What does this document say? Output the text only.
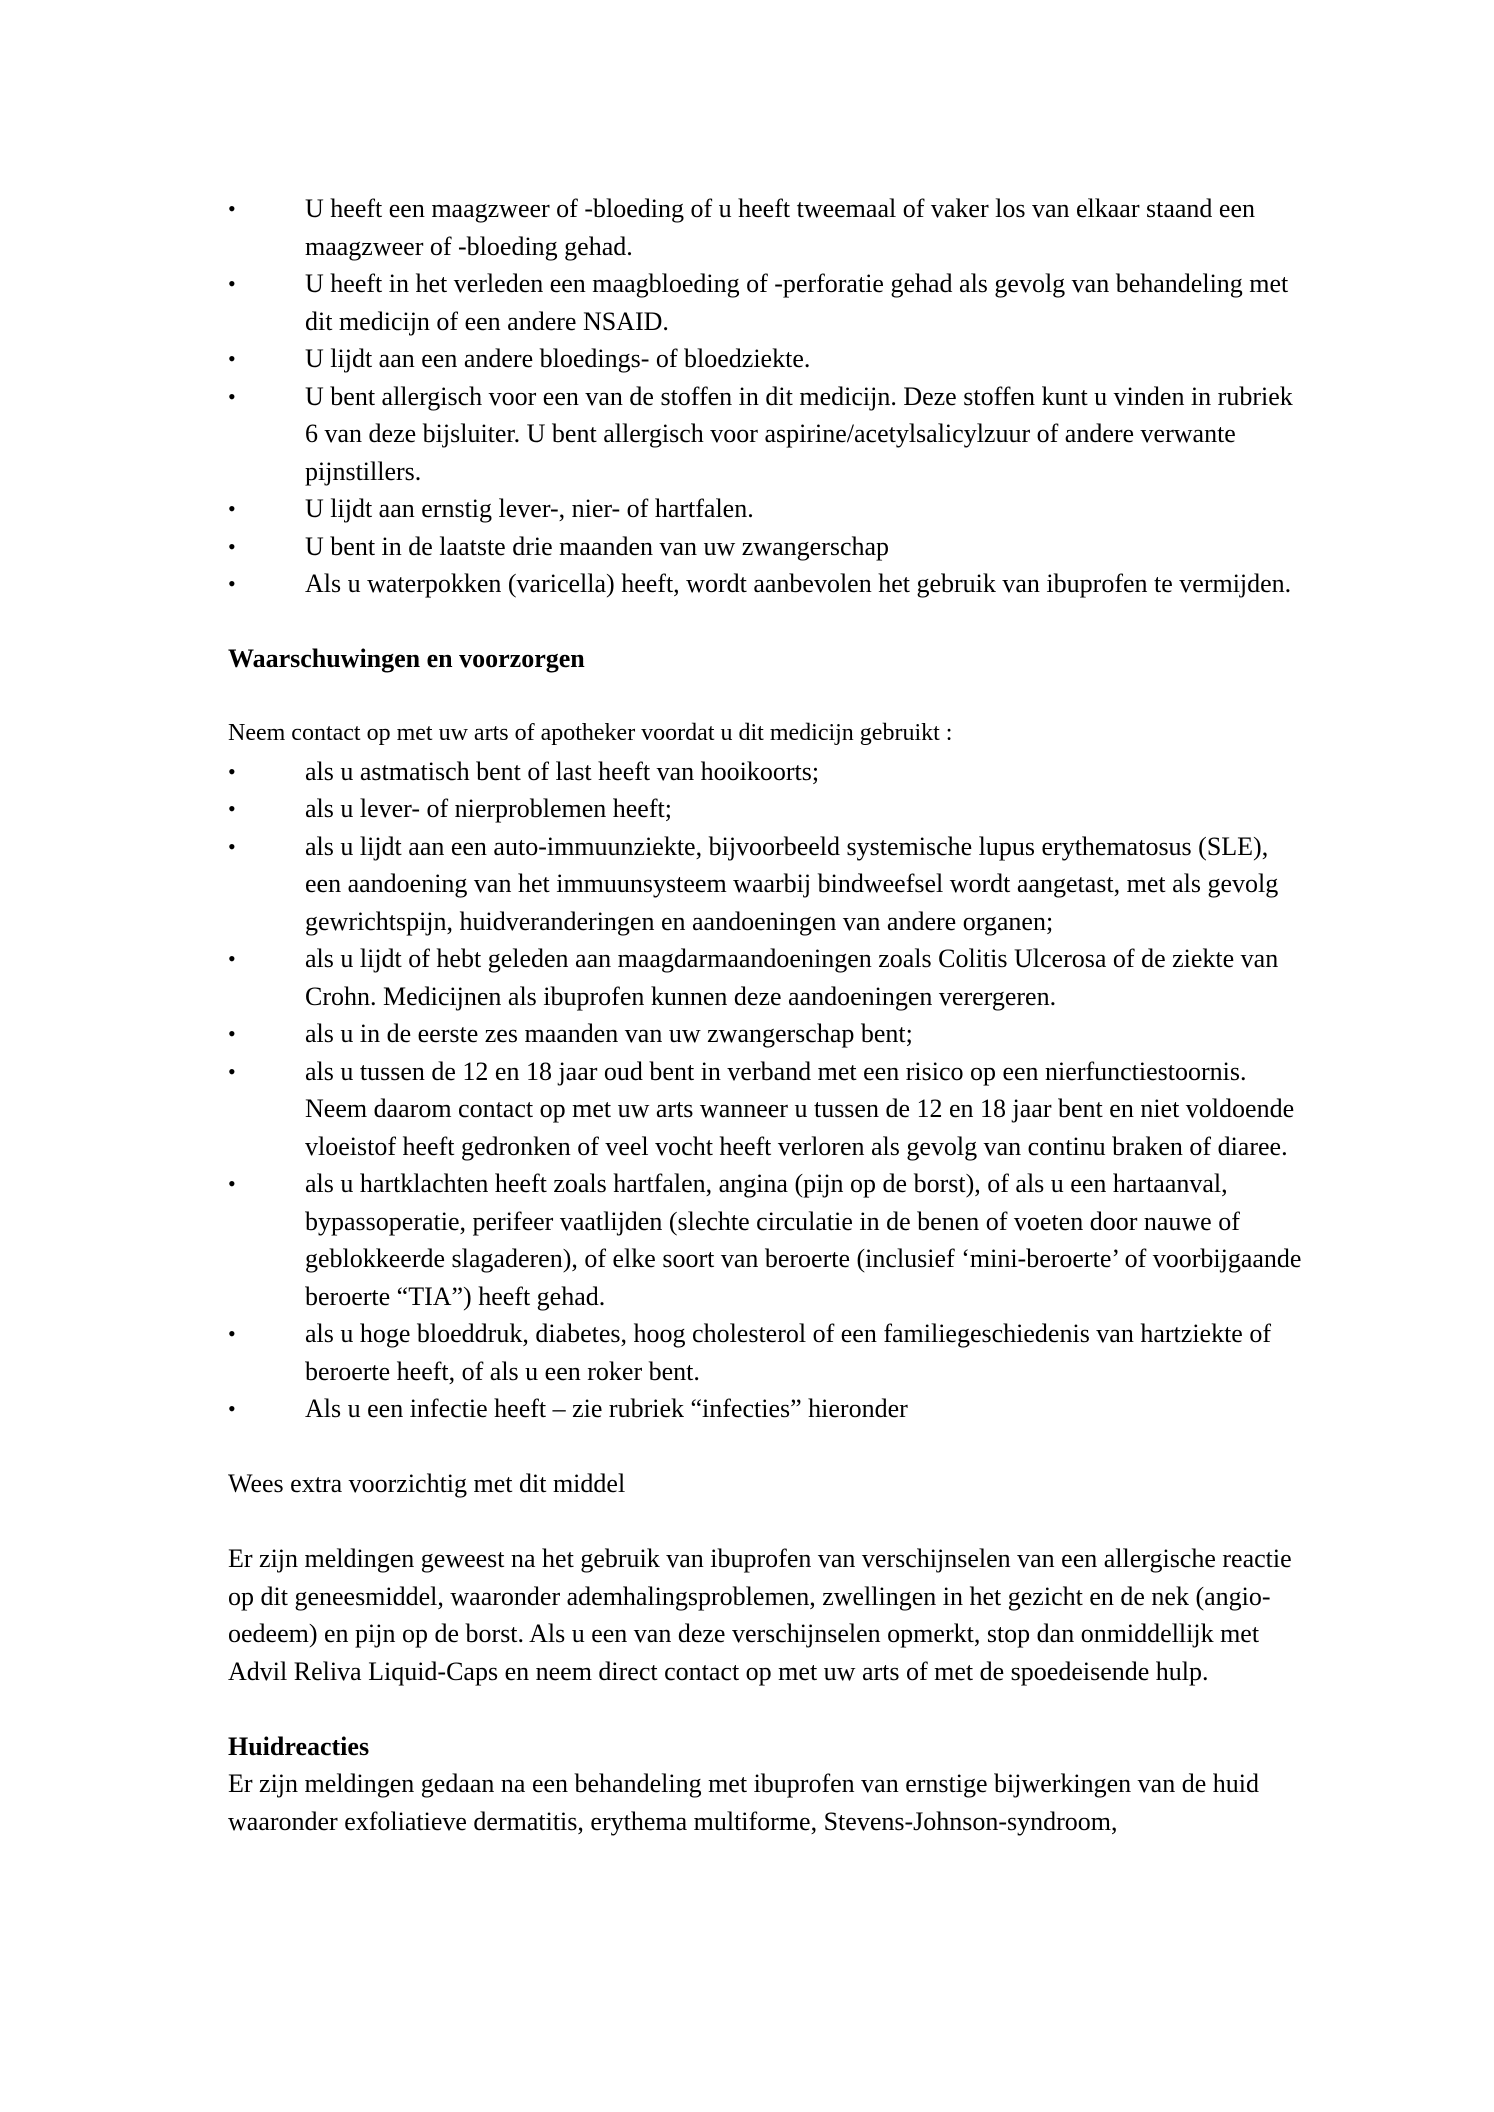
•	U heeft een maagzweer of -bloeding of u heeft tweemaal of vaker los van elkaar staand een maagzweer of -bloeding gehad.
•	U heeft in het verleden een maagbloeding of -perforatie gehad als gevolg van behandeling met dit medicijn of een andere NSAID.
•	U lijdt aan een andere bloedings- of bloedziekte.
•	U bent allergisch voor een van de stoffen in dit medicijn. Deze stoffen kunt u vinden in rubriek 6 van deze bijsluiter. U bent allergisch voor aspirine/acetylsalicylzuur of andere verwante pijnstillers.
•	U lijdt aan ernstig lever-, nier- of hartfalen.
•	U bent in de laatste drie maanden van uw zwangerschap
•	Als u waterpokken (varicella) heeft, wordt aanbevolen het gebruik van ibuprofen te vermijden.
Waarschuwingen en voorzorgen

Neem contact op met uw arts of apotheker voordat u dit medicijn gebruikt :

•	als u astmatisch bent of last heeft van hooikoorts;
•	als u lever- of nierproblemen heeft;
•	als u lijdt aan een auto-immuunziekte, bijvoorbeeld systemische lupus erythematosus (SLE), een aandoening van het immuunsysteem waarbij bindweefsel wordt aangetast, met als gevolg gewrichtspijn, huidveranderingen en aandoeningen van andere organen;
•	als u lijdt of hebt geleden aan maagdarmaandoeningen zoals Colitis Ulcerosa of de ziekte van Crohn. Medicijnen als ibuprofen kunnen deze aandoeningen verergeren.
•	als u in de eerste zes maanden van uw zwangerschap bent;
•	als u tussen de 12 en 18 jaar oud bent in verband met een risico op een nierfunctiestoornis. Neem daarom contact op met uw arts wanneer u tussen de 12 en 18 jaar bent en niet voldoende vloeistof heeft gedronken of veel vocht heeft verloren als gevolg van continu braken of diaree.
•	als u hartklachten heeft zoals hartfalen, angina (pijn op de borst), of als u een hartaanval, bypassoperatie, perifeer vaatlijden (slechte circulatie in de benen of voeten door nauwe of geblokkeerde slagaderen), of elke soort van beroerte (inclusief ‘mini-beroerte’ of voorbijgaande beroerte “TIA”) heeft gehad.
•	als u hoge bloeddruk, diabetes, hoog cholesterol of een familiegeschiedenis van hartziekte of beroerte heeft, of als u een roker bent.
•	Als u een infectie heeft – zie rubriek “infecties” hieronder

Wees extra voorzichtig met dit middel

Er zijn meldingen geweest na het gebruik van ibuprofen van verschijnselen van een allergische reactie op dit geneesmiddel, waaronder ademhalingsproblemen, zwellingen in het gezicht en de nek (angio-oedeem) en pijn op de borst. Als u een van deze verschijnselen opmerkt, stop dan onmiddellijk met Advil Reliva Liquid-Caps en neem direct contact op met uw arts of met de spoedeisende hulp.

Huidreacties

Er zijn meldingen gedaan na een behandeling met ibuprofen van ernstige bijwerkingen van de huid waaronder exfoliatieve dermatitis, erythema multiforme, Stevens-Johnson-syndroom,
